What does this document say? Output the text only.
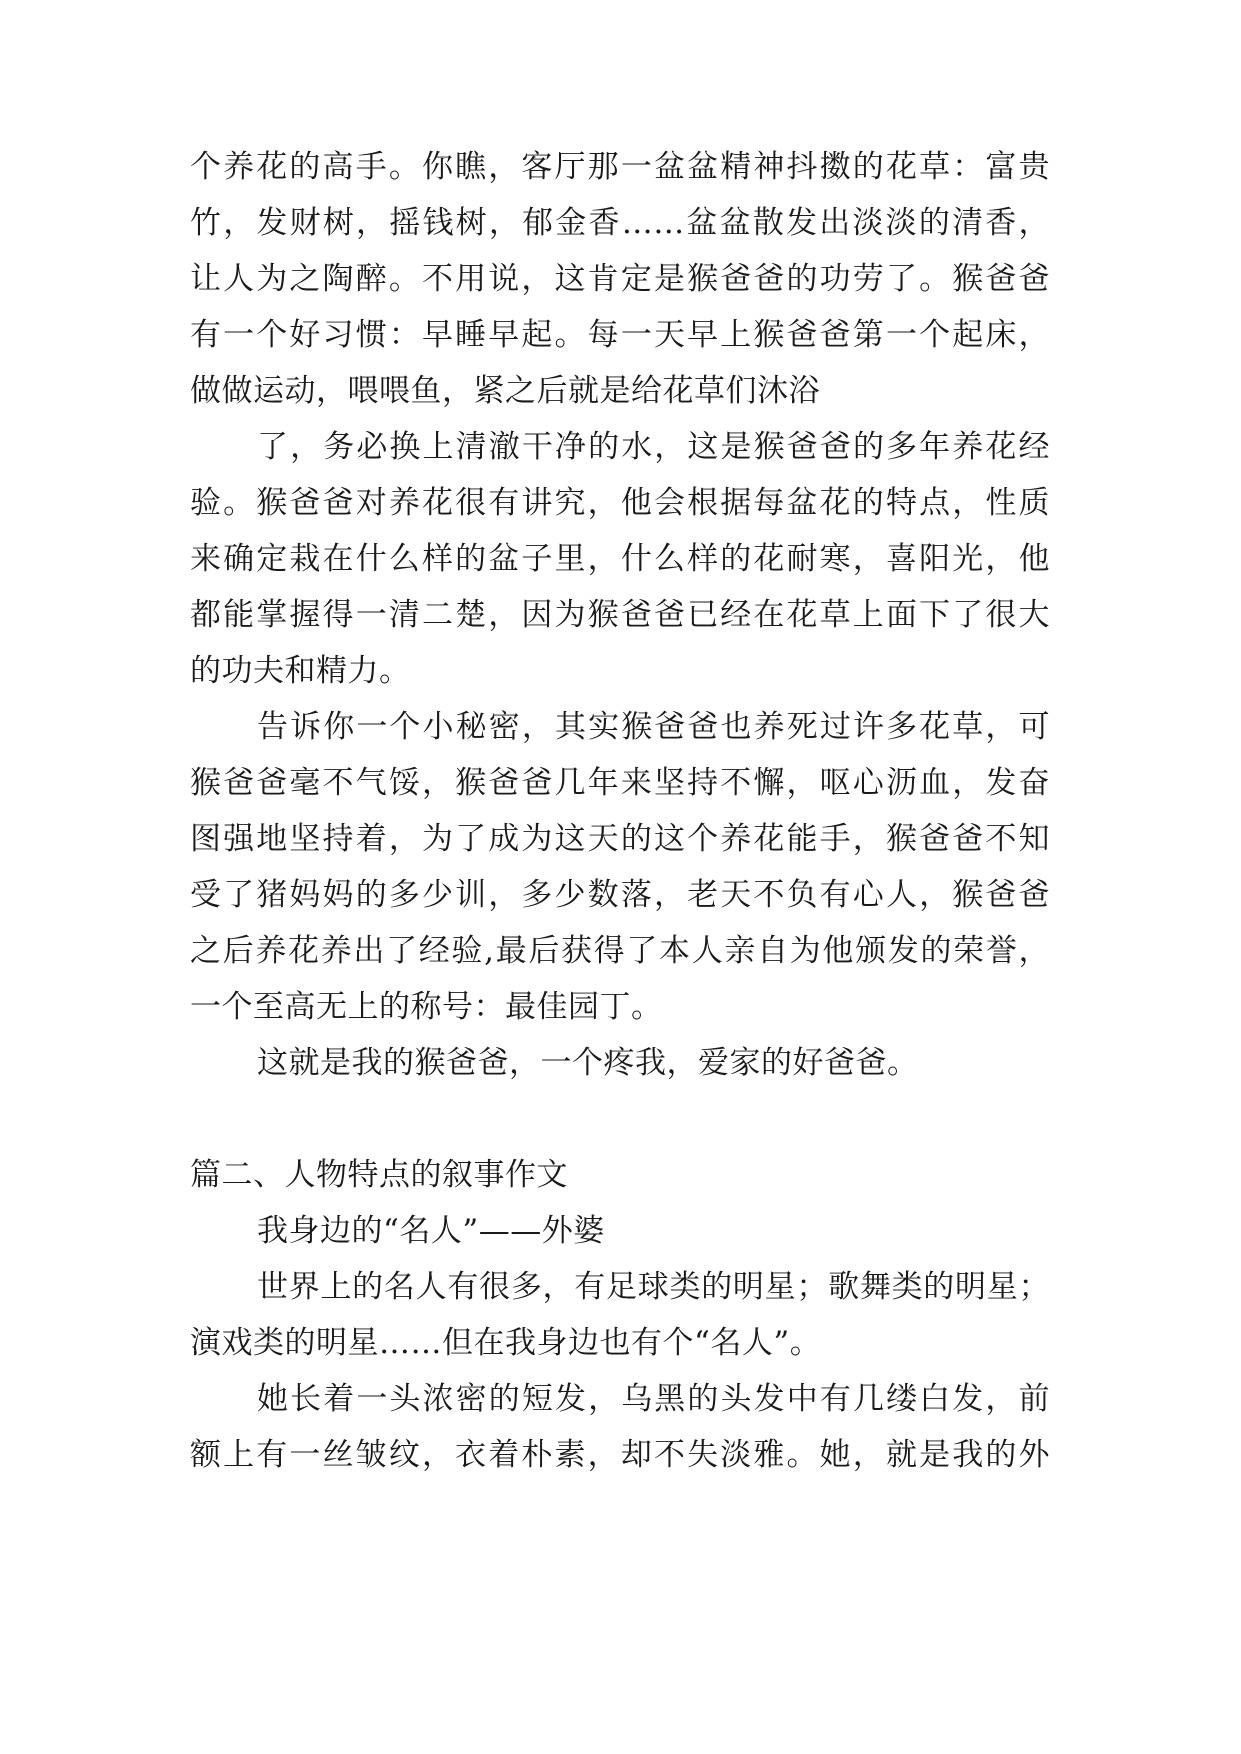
个养花的高手。你瞧，客厅那一盆盆精神抖擞的花草：富贵
竹，发财树，摇钱树，郁金香……盆盆散发出淡淡的清香，
让人为之陶醉。不用说，这肯定是猴爸爸的功劳了。猴爸爸
有一个好习惯：早睡早起。每一天早上猴爸爸第一个起床，
做做运动，喂喂鱼，紧之后就是给花草们沐浴
了，务必换上清澈干净的水，这是猴爸爸的多年养花经
验。猴爸爸对养花很有讲究，他会根据每盆花的特点，性质
来确定栽在什么样的盆子里，什么样的花耐寒，喜阳光，他
都能掌握得一清二楚，因为猴爸爸已经在花草上面下了很大
的功夫和精力。
告诉你一个小秘密，其实猴爸爸也养死过许多花草，可
猴爸爸毫不气馁，猴爸爸几年来坚持不懈，呕心沥血，发奋
图强地坚持着，为了成为这天的这个养花能手，猴爸爸不知
受了猪妈妈的多少训，多少数落，老天不负有心人，猴爸爸
之后养花养出了经验,最后获得了本人亲自为他颁发的荣誉，
一个至高无上的称号：最佳园丁。
这就是我的猴爸爸，一个疼我，爱家的好爸爸。
篇二、人物特点的叙事作文
我身边的“名人”——外婆
世界上的名人有很多，有足球类的明星；歌舞类的明星；
演戏类的明星……但在我身边也有个“名人”。
她长着一头浓密的短发，乌黑的头发中有几缕白发，前
额上有一丝皱纹，衣着朴素，却不失淡雅。她，就是我的外
